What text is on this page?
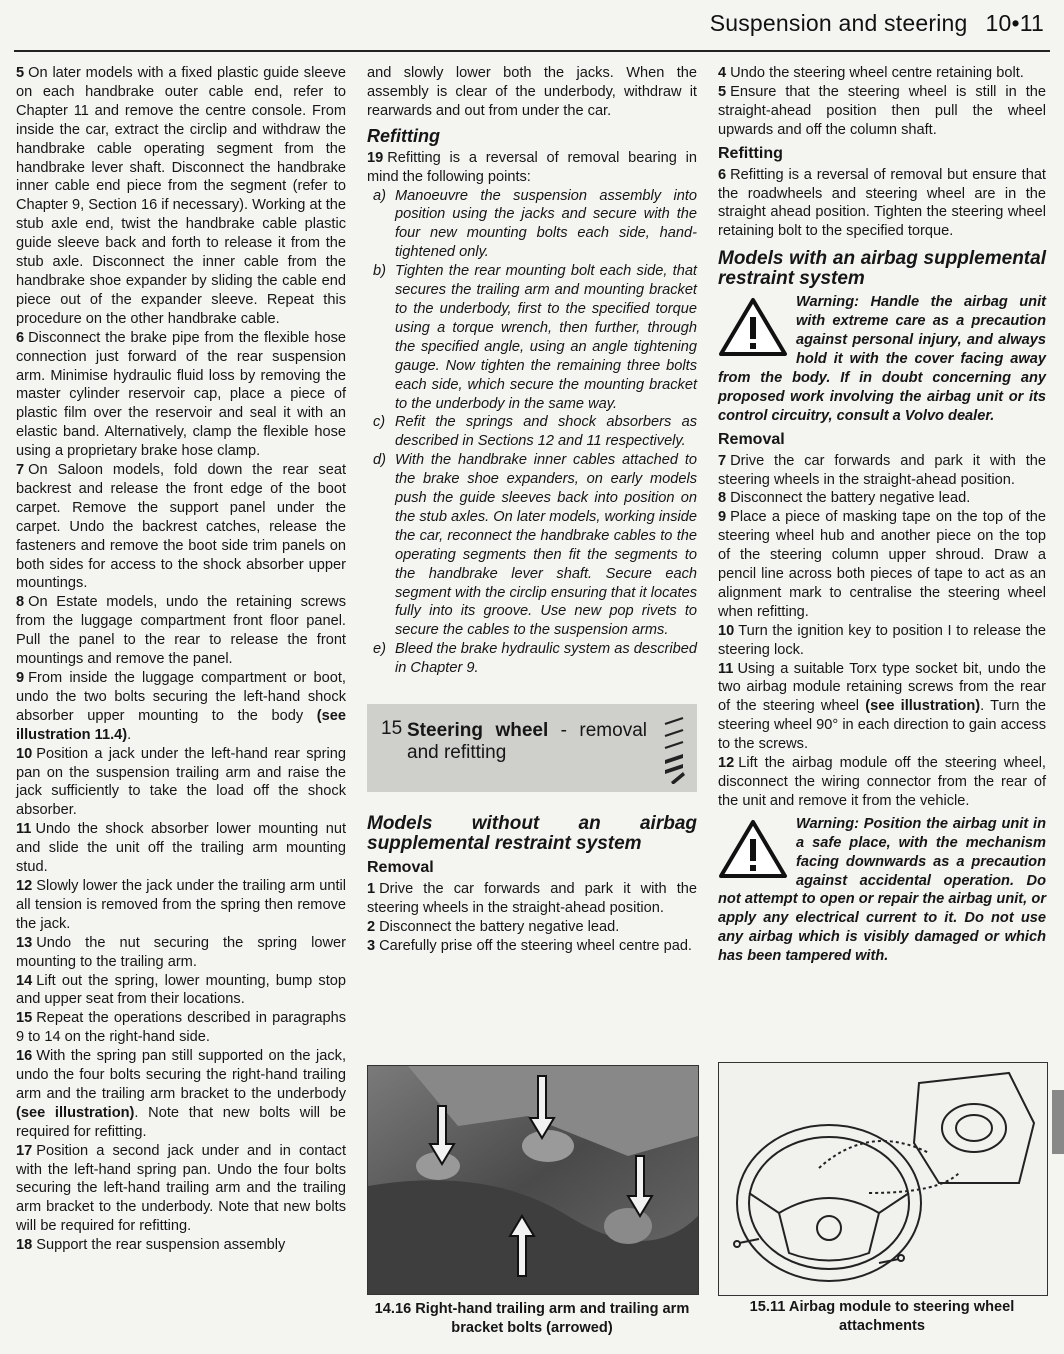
Suspension and steering 10•11

5 On later models with a fixed plastic guide sleeve on each handbrake outer cable end, refer to Chapter 11 and remove the centre console. From inside the car, extract the circlip and withdraw the handbrake cable operating segment from the handbrake lever shaft. Disconnect the handbrake inner cable end piece from the segment (refer to Chapter 9, Section 16 if necessary). Working at the stub axle end, twist the handbrake cable plastic guide sleeve back and forth to release it from the stub axle. Disconnect the inner cable from the handbrake shoe expander by sliding the cable end piece out of the expander sleeve. Repeat this procedure on the other handbrake cable.

6 Disconnect the brake pipe from the flexible hose connection just forward of the rear suspension arm. Minimise hydraulic fluid loss by removing the master cylinder reservoir cap, place a piece of plastic film over the reservoir and seal it with an elastic band. Alternatively, clamp the flexible hose using a proprietary brake hose clamp.

7 On Saloon models, fold down the rear seat backrest and release the front edge of the boot carpet. Remove the support panel under the carpet. Undo the backrest catches, release the fasteners and remove the boot side trim panels on both sides for access to the shock absorber upper mountings.

8 On Estate models, undo the retaining screws from the luggage compartment front floor panel. Pull the panel to the rear to release the front mountings and remove the panel.

9 From inside the luggage compartment or boot, undo the two bolts securing the left-hand shock absorber upper mounting to the body (see illustration 11.4).

10 Position a jack under the left-hand rear spring pan on the suspension trailing arm and raise the jack sufficiently to take the load off the shock absorber.

11 Undo the shock absorber lower mounting nut and slide the unit off the trailing arm mounting stud.

12 Slowly lower the jack under the trailing arm until all tension is removed from the spring then remove the jack.

13 Undo the nut securing the spring lower mounting to the trailing arm.

14 Lift out the spring, lower mounting, bump stop and upper seat from their locations.

15 Repeat the operations described in paragraphs 9 to 14 on the right-hand side.

16 With the spring pan still supported on the jack, undo the four bolts securing the right-hand trailing arm and the trailing arm bracket to the underbody (see illustration). Note that new bolts will be required for refitting.

17 Position a second jack under and in contact with the left-hand spring pan. Undo the four bolts securing the left-hand trailing arm and the trailing arm bracket to the underbody. Note that new bolts will be required for refitting.

18 Support the rear suspension assembly

and slowly lower both the jacks. When the assembly is clear of the underbody, withdraw it rearwards and out from under the car.

Refitting

19 Refitting is a reversal of removal bearing in mind the following points:

a) Manoeuvre the suspension assembly into position using the jacks and secure with the four new mounting bolts each side, hand-tightened only.
b) Tighten the rear mounting bolt each side, that secures the trailing arm and mounting bracket to the underbody, first to the specified torque using a torque wrench, then further, through the specified angle, using an angle tightening gauge. Now tighten the remaining three bolts each side, which secure the mounting bracket to the underbody in the same way.
c) Refit the springs and shock absorbers as described in Sections 12 and 11 respectively.
d) With the handbrake inner cables attached to the brake shoe expanders, on early models push the guide sleeves back into position on the stub axles. On later models, working inside the car, reconnect the handbrake cables to the operating segments then fit the segments to the handbrake lever shaft. Secure each segment with the circlip ensuring that it locates fully into its groove. Use new pop rivets to secure the cables to the suspension arms.
e) Bleed the brake hydraulic system as described in Chapter 9.
15 Steering wheel - removal and refitting
Models without an airbag supplemental restraint system
Removal

1 Drive the car forwards and park it with the steering wheels in the straight-ahead position.

2 Disconnect the battery negative lead.

3 Carefully prise off the steering wheel centre pad.

14.16 Right-hand trailing arm and trailing arm bracket bolts (arrowed)

4 Undo the steering wheel centre retaining bolt.

5 Ensure that the steering wheel is still in the straight-ahead position then pull the wheel upwards and off the column shaft.

Refitting

6 Refitting is a reversal of removal but ensure that the roadwheels and steering wheel are in the straight ahead position. Tighten the steering wheel retaining bolt to the specified torque.

Models with an airbag supplemental restraint system
Warning: Handle the airbag unit with extreme care as a precaution against personal injury, and always hold it with the cover facing away from the body. If in doubt concerning any proposed work involving the airbag unit or its control circuitry, consult a Volvo dealer.
Removal

7 Drive the car forwards and park it with the steering wheels in the straight-ahead position.

8 Disconnect the battery negative lead.

9 Place a piece of masking tape on the top of the steering wheel hub and another piece on the top of the steering column upper shroud. Draw a pencil line across both pieces of tape to act as an alignment mark to centralise the steering wheel when refitting.

10 Turn the ignition key to position I to release the steering lock.

11 Using a suitable Torx type socket bit, undo the two airbag module retaining screws from the rear of the steering wheel (see illustration). Turn the steering wheel 90° in each direction to gain access to the screws.

12 Lift the airbag module off the steering wheel, disconnect the wiring connector from the rear of the unit and remove it from the vehicle.

Warning: Position the airbag unit in a safe place, with the mechanism facing downwards as a precaution against accidental operation. Do not attempt to open or repair the airbag unit, or apply any electrical current to it. Do not use any airbag which is visibly damaged or which has been tampered with.
15.11 Airbag module to steering wheel attachments
